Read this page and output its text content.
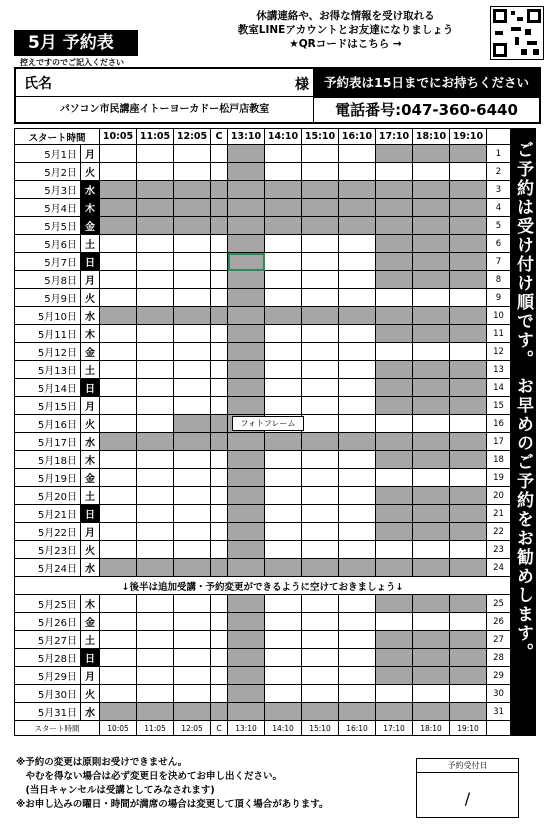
5月 予約表
控えですのでご記入ください
休講連絡や、お得な情報を受け取れる
教室LINEアカウントとお友達になりましょう
★QRコードはこちら →
氏名	様
パソコン市民講座イトーヨーカドー松戸店教室
予約表は15日までにお持ちください
電話番号:047-360-6440
スタート時間		10:05	11:05	12:05	C	13:10	14:10	15:10	16:10	17:10	18:10	19:10		ご予約は受け付け順です。 お早めのご予約をお勧めします。

5月1日	月												1	
5月2日	火												2	
5月3日	水												3	
5月4日	木												4	
5月5日	金												5	
5月6日	土												6	
5月7日	日												7	
5月8日	月												8	
5月9日	火												9	
5月10日	水												10	
5月11日	木												11	
5月12日	金												12	
5月13日	土												13	
5月14日	日												14	
5月15日	月												15	
5月16日	火												16	
5月17日	水												17	
5月18日	木												18	
5月19日	金												19	
5月20日	土												20	
5月21日	日												21	
5月22日	月												22	
5月23日	火												23	
5月24日	水												24	
↓後半は追加受講・予約変更ができるように空けておきましょう↓														
5月25日	木												25	
5月26日	金												26	
5月27日	土												27	
5月28日	日												28	
5月29日	月												29	
5月30日	火												30	
5月31日	水												31	
スタート時間		10:05	11:05	12:05	C	13:10	14:10	15:10	16:10	17:10	18:10	19:10		
フォトフレーム
※予約の変更は原則お受けできません。
　やむを得ない場合は必ず変更日を決めてお申し出ください。
　(当日キャンセルは受講としてみなされます)
※お申し込みの曜日・時間が満席の場合は変更して頂く場合があります。
予約受付日
/
